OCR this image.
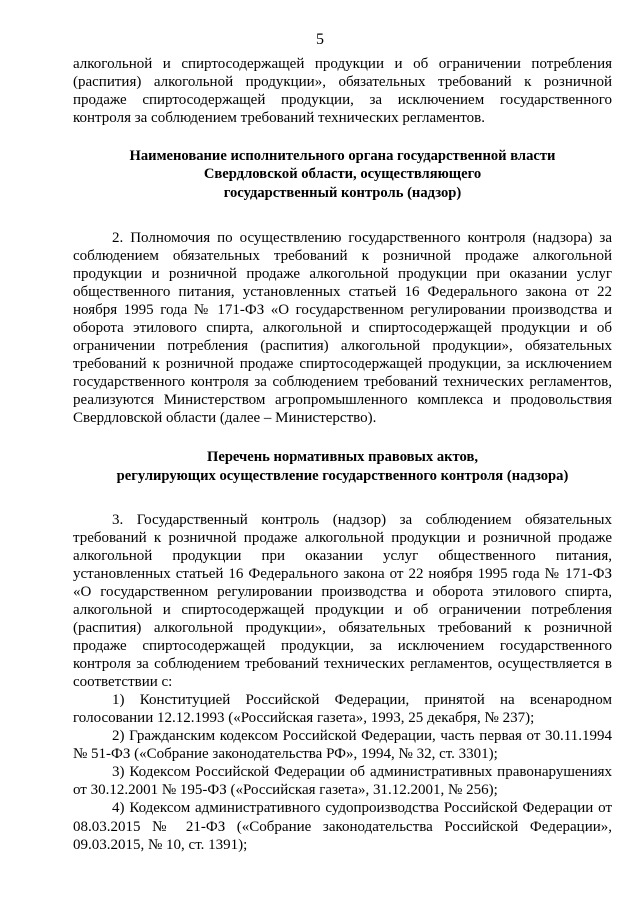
5

алкогольной и спиртосодержащей продукции и об ограничении потребления (распития) алкогольной продукции», обязательных требований к розничной продаже спиртосодержащей продукции, за исключением государственного контроля за соблюдением требований технических регламентов.

Наименование исполнительного органа государственной власти

Свердловской области, осуществляющего

государственный контроль (надзор)

2. Полномочия по осуществлению государственного контроля (надзора) за соблюдением обязательных требований к розничной продаже алкогольной продукции и розничной продаже алкогольной продукции при оказании услуг общественного питания, установленных статьей 16 Федерального закона от 22 ноября 1995 года № 171-ФЗ «О государственном регулировании производства и оборота этилового спирта, алкогольной и спиртосодержащей продукции и об ограничении потребления (распития) алкогольной продукции», обязательных требований к розничной продаже спиртосодержащей продукции, за исключением государственного контроля за соблюдением требований технических регламентов, реализуются Министерством агропромышленного комплекса и продовольствия Свердловской области (далее – Министерство).

Перечень нормативных правовых актов,

регулирующих осуществление государственного контроля (надзора)

3. Государственный контроль (надзор) за соблюдением обязательных требований к розничной продаже алкогольной продукции и розничной продаже алкогольной продукции при оказании услуг общественного питания, установленных статьей 16 Федерального закона от 22 ноября 1995 года № 171-ФЗ «О государственном регулировании производства и оборота этилового спирта, алкогольной и спиртосодержащей продукции и об ограничении потребления (распития) алкогольной продукции», обязательных требований к розничной продаже спиртосодержащей продукции, за исключением государственного контроля за соблюдением требований технических регламентов, осуществляется в соответствии с:

1) Конституцией Российской Федерации, принятой на всенародном голосовании 12.12.1993 («Российская газета», 1993, 25 декабря, № 237);

2) Гражданским кодексом Российской Федерации, часть первая от 30.11.1994 № 51-ФЗ («Собрание законодательства РФ», 1994, № 32, ст. 3301);

3) Кодексом Российской Федерации об административных правонарушениях от 30.12.2001 № 195-ФЗ («Российская газета», 31.12.2001, № 256);

4) Кодексом административного судопроизводства Российской Федерации от 08.03.2015 № 21-ФЗ («Собрание законодательства Российской Федерации», 09.03.2015, № 10, ст. 1391);
